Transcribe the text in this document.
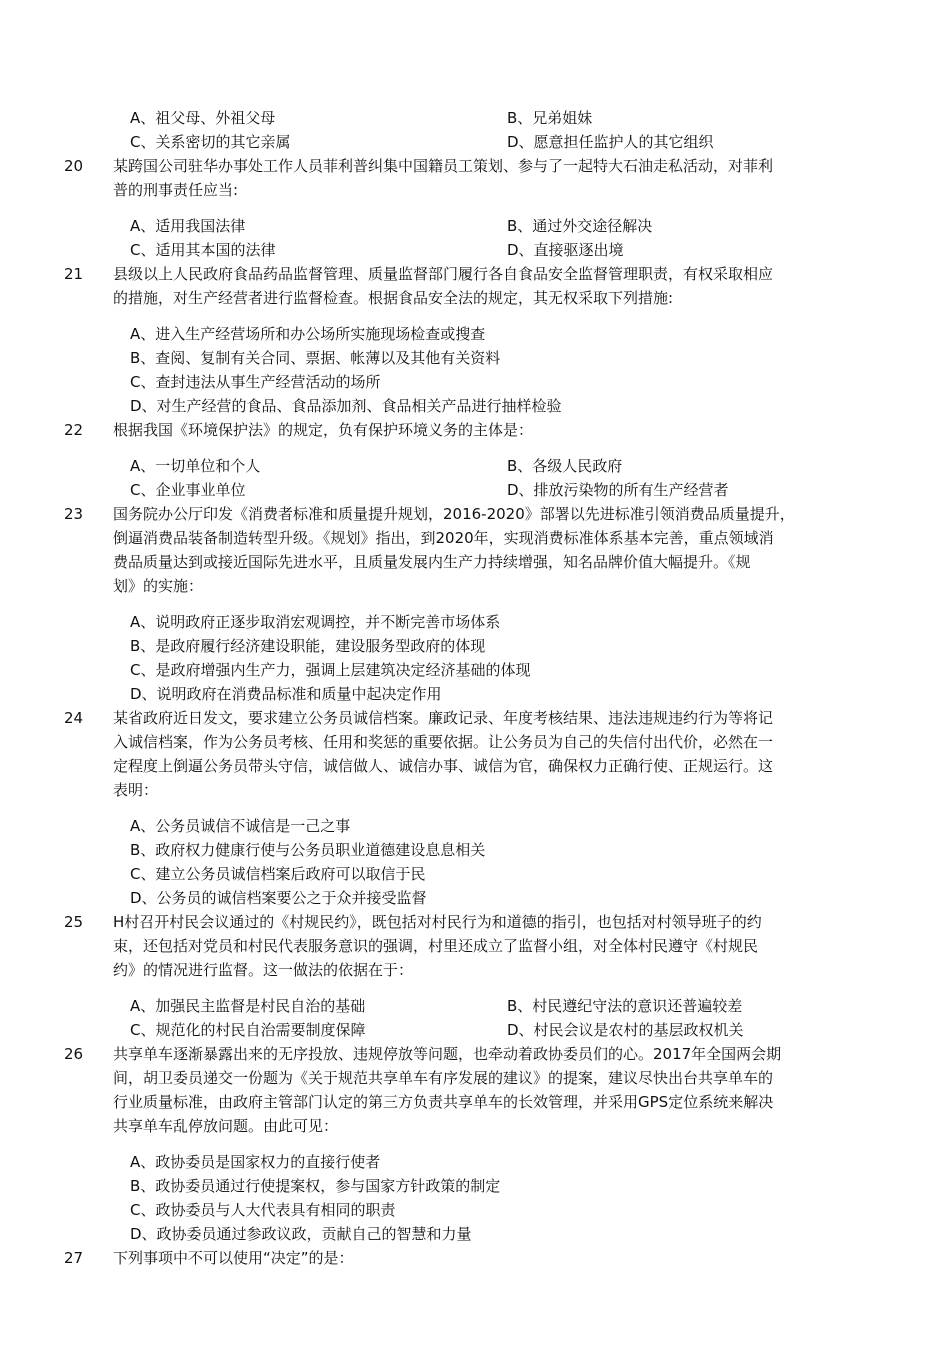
A、祖父母、外祖父母	B、兄弟姐妹
C、关系密切的其它亲属	D、愿意担任监护人的其它组织
20 某跨国公司驻华办事处工作人员菲利普纠集中国籍员工策划、参与了一起特大石油走私活动，对菲利
普的刑事责任应当:
A、适用我国法律	B、通过外交途径解决
C、适用其本国的法律	D、直接驱逐出境
21 县级以上人民政府食品药品监督管理、质量监督部门履行各自食品安全监督管理职责，有权采取相应
的措施，对生产经营者进行监督检查。根据食品安全法的规定，其无权采取下列措施:
A、进入生产经营场所和办公场所实施现场检查或搜查
B、查阅、复制有关合同、票据、帐薄以及其他有关资料
C、查封违法从事生产经营活动的场所
D、对生产经营的食品、食品添加剂、食品相关产品进行抽样检验
22 根据我国《环境保护法》的规定，负有保护环境义务的主体是：
A、一切单位和个人	B、各级人民政府
C、企业事业单位	D、排放污染物的所有生产经营者
23 国务院办公厅印发《消费者标准和质量提升规划，2016-2020》部署以先进标准引领消费品质量提升，
倒逼消费品装备制造转型升级。《规划》指出，到2020年，实现消费标准体系基本完善，重点领域消
费品质量达到或接近国际先进水平，且质量发展内生产力持续增强，知名品牌价值大幅提升。《规
划》的实施：
A、说明政府正逐步取消宏观调控，并不断完善市场体系
B、是政府履行经济建设职能，建设服务型政府的体现
C、是政府增强内生产力，强调上层建筑决定经济基础的体现
D、说明政府在消费品标准和质量中起决定作用
24 某省政府近日发文，要求建立公务员诚信档案。廉政记录、年度考核结果、违法违规违约行为等将记
入诚信档案，作为公务员考核、任用和奖惩的重要依据。让公务员为自己的失信付出代价，必然在一
定程度上倒逼公务员带头守信，诚信做人、诚信办事、诚信为官，确保权力正确行使、正规运行。这
表明：
A、公务员诚信不诚信是一己之事
B、政府权力健康行使与公务员职业道德建设息息相关
C、建立公务员诚信档案后政府可以取信于民
D、公务员的诚信档案要公之于众并接受监督
25 H村召开村民会议通过的《村规民约》，既包括对村民行为和道德的指引，也包括对村领导班子的约
束，还包括对党员和村民代表服务意识的强调，村里还成立了监督小组，对全体村民遵守《村规民
约》的情况进行监督。这一做法的依据在于：
A、加强民主监督是村民自治的基础	B、村民遵纪守法的意识还普遍较差
C、规范化的村民自治需要制度保障	D、村民会议是农村的基层政权机关
26 共享单车逐渐暴露出来的无序投放、违规停放等问题，也牵动着政协委员们的心。2017年全国两会期
间，胡卫委员递交一份题为《关于规范共享单车有序发展的建议》的提案，建议尽快出台共享单车的
行业质量标准，由政府主管部门认定的第三方负责共享单车的长效管理，并采用GPS定位系统来解决
共享单车乱停放问题。由此可见：
A、政协委员是国家权力的直接行使者
B、政协委员通过行使提案权，参与国家方针政策的制定
C、政协委员与人大代表具有相同的职责
D、政协委员通过参政议政，贡献自己的智慧和力量
27 下列事项中不可以使用“决定”的是：
